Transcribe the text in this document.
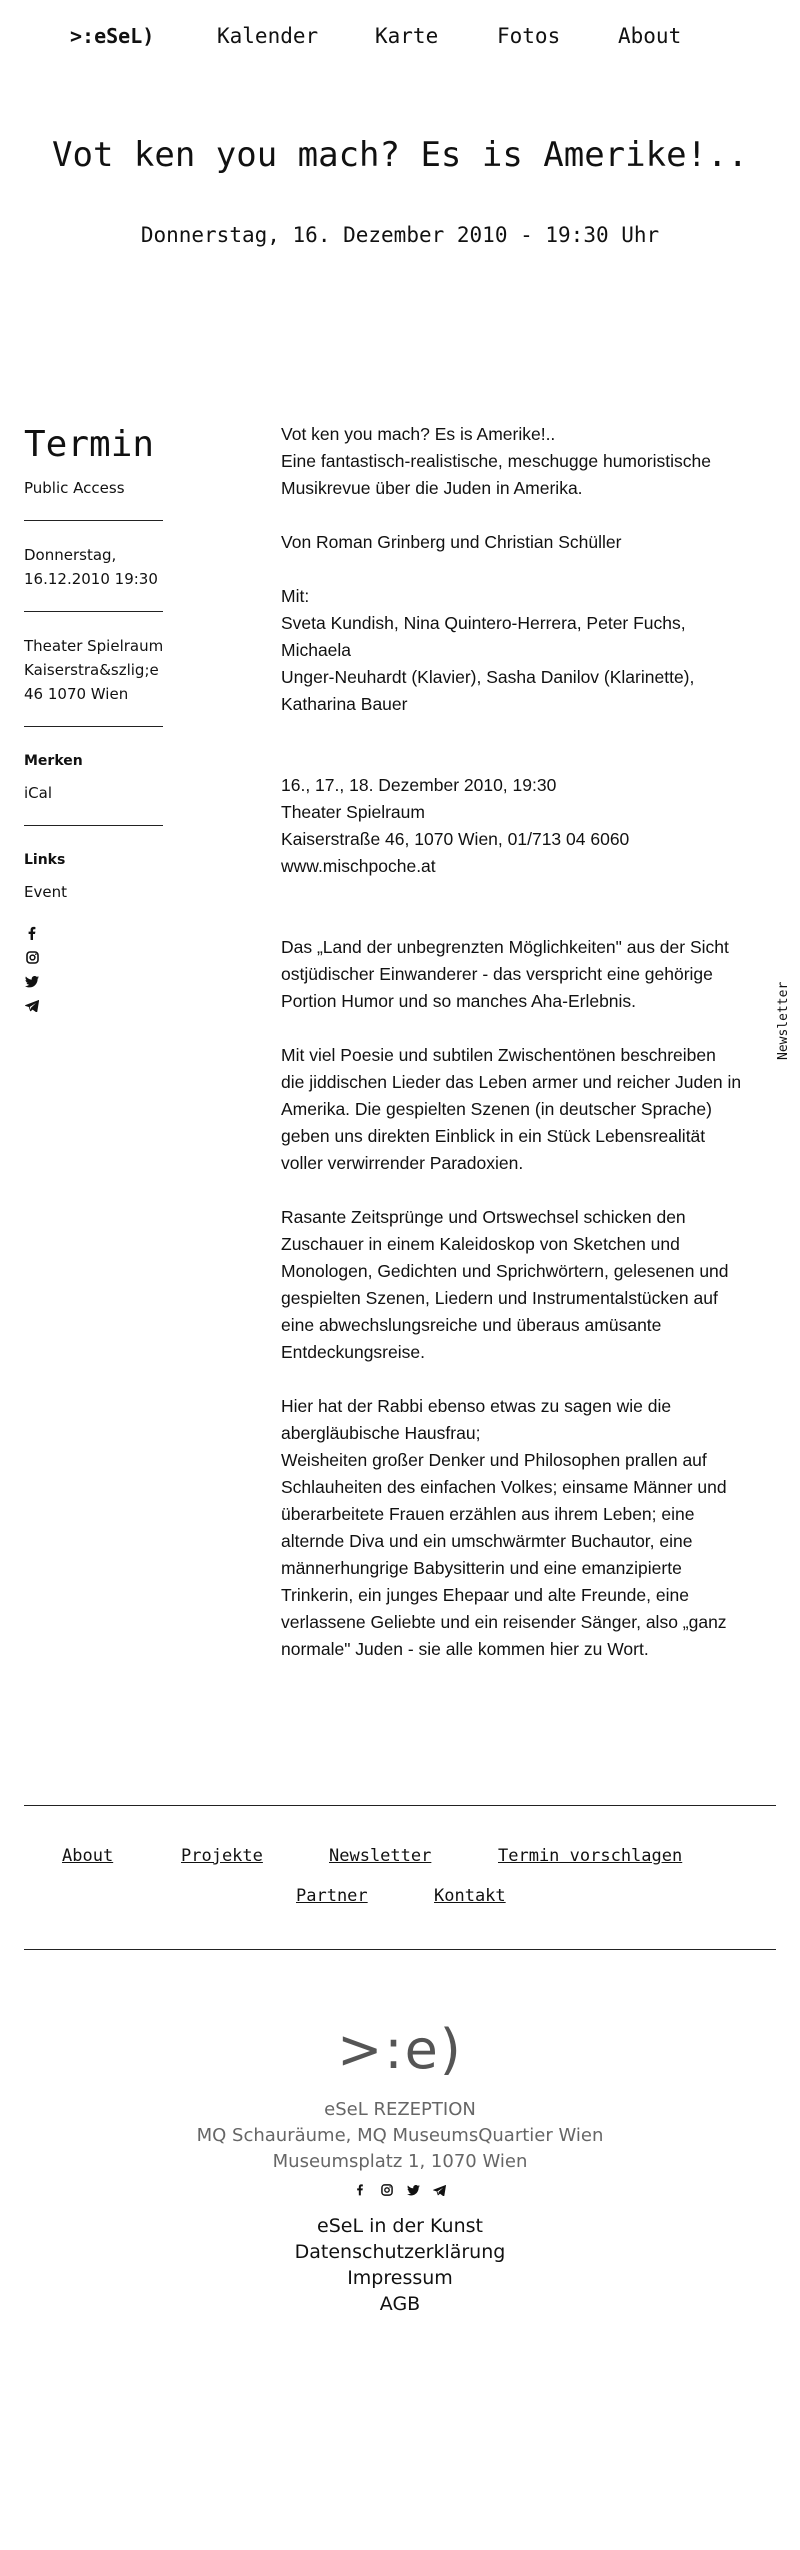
>:eSeL)	Kalender	Karte	Fotos	About
Vot ken you mach? Es is Amerike!..
Donnerstag, 16. Dezember 2010 - 19:30 Uhr
Termin
Public Access
Donnerstag,
16.12.2010 19:30
Theater Spielraum
Kaiserstra&szlig;e
46 1070 Wien
Merken
iCal
Links
Event
Vot ken you mach? Es is Amerike!..
Eine fantastisch-realistische, meschugge humoristische
Musikrevue über die Juden in Amerika.
Von Roman Grinberg und Christian Schüller
Mit:
Sveta Kundish, Nina Quintero-Herrera, Peter Fuchs,
Michaela
Unger-Neuhardt (Klavier), Sasha Danilov (Klarinette),
Katharina Bauer
16., 17., 18. Dezember 2010, 19:30
Theater Spielraum
Kaiserstraße 46, 1070 Wien, 01/713 04 6060
www.mischpoche.at
Das „Land der unbegrenzten Möglichkeiten" aus der Sicht
ostjüdischer Einwanderer - das verspricht eine gehörige
Portion Humor und so manches Aha-Erlebnis.
Mit viel Poesie und subtilen Zwischentönen beschreiben
die jiddischen Lieder das Leben armer und reicher Juden in
Amerika. Die gespielten Szenen (in deutscher Sprache)
geben uns direkten Einblick in ein Stück Lebensrealität
voller verwirrender Paradoxien.
Rasante Zeitsprünge und Ortswechsel schicken den
Zuschauer in einem Kaleidoskop von Sketchen und
Monologen, Gedichten und Sprichwörtern, gelesenen und
gespielten Szenen, Liedern und Instrumentalstücken auf
eine abwechslungsreiche und überaus amüsante
Entdeckungsreise.
Hier hat der Rabbi ebenso etwas zu sagen wie die
abergläubische Hausfrau;
Weisheiten großer Denker und Philosophen prallen auf
Schlauheiten des einfachen Volkes; einsame Männer und
überarbeitete Frauen erzählen aus ihrem Leben; eine
alternde Diva und ein umschwärmter Buchautor, eine
männerhungrige Babysitterin und eine emanzipierte
Trinkerin, ein junges Ehepaar und alte Freunde, eine
verlassene Geliebte und ein reisender Sänger, also „ganz
normale" Juden - sie alle kommen hier zu Wort.
Newsletter
About	Projekte	Newsletter	Termin vorschlagen
Partner	Kontakt
>:e)
eSeL REZEPTION
MQ Schauräume, MQ MuseumsQuartier Wien
Museumsplatz 1, 1070 Wien

eSeL in der Kunst
Datenschutzerklärung
Impressum
AGB
